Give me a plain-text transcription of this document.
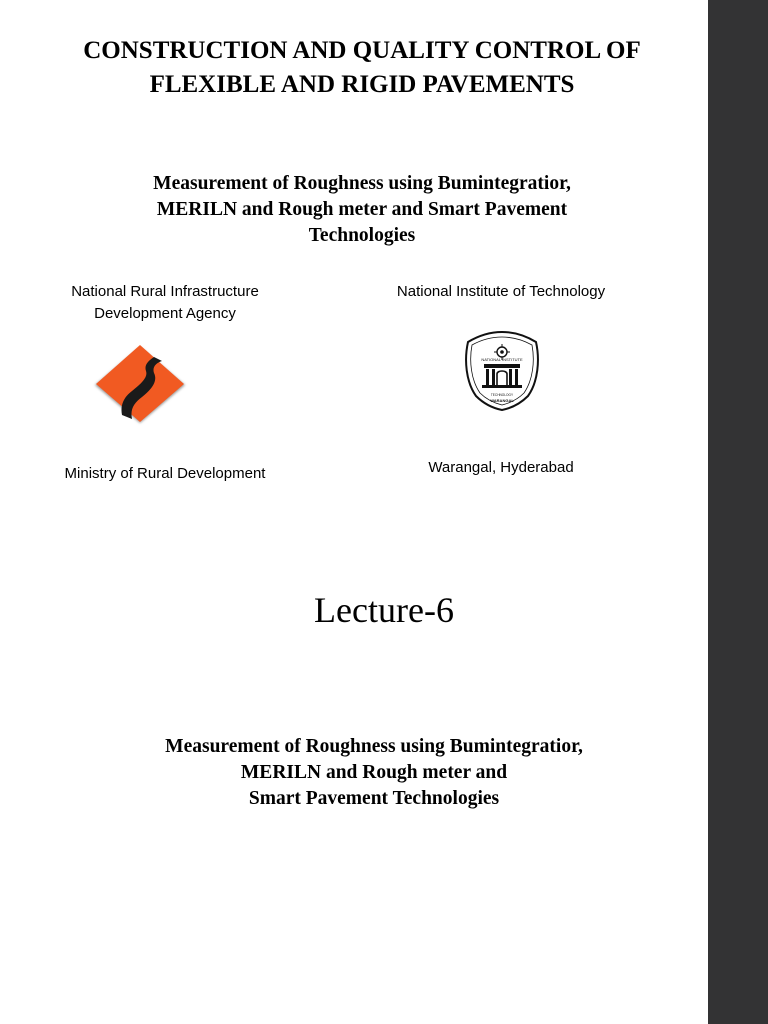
CONSTRUCTION AND QUALITY CONTROL OF
FLEXIBLE AND RIGID PAVEMENTS
Measurement of Roughness using Bumintegratior,
MERILN and Rough meter and Smart Pavement
Technologies
National Rural Infrastructure
Development Agency
National Institute of Technology
NATIONAL INSTITUTE
TECHNOLOGY
WARANGAL
Ministry of Rural Development	Warangal, Hyderabad
Lecture-6
Measurement of Roughness using Bumintegratior,
MERILN and Rough meter and
Smart Pavement Technologies
